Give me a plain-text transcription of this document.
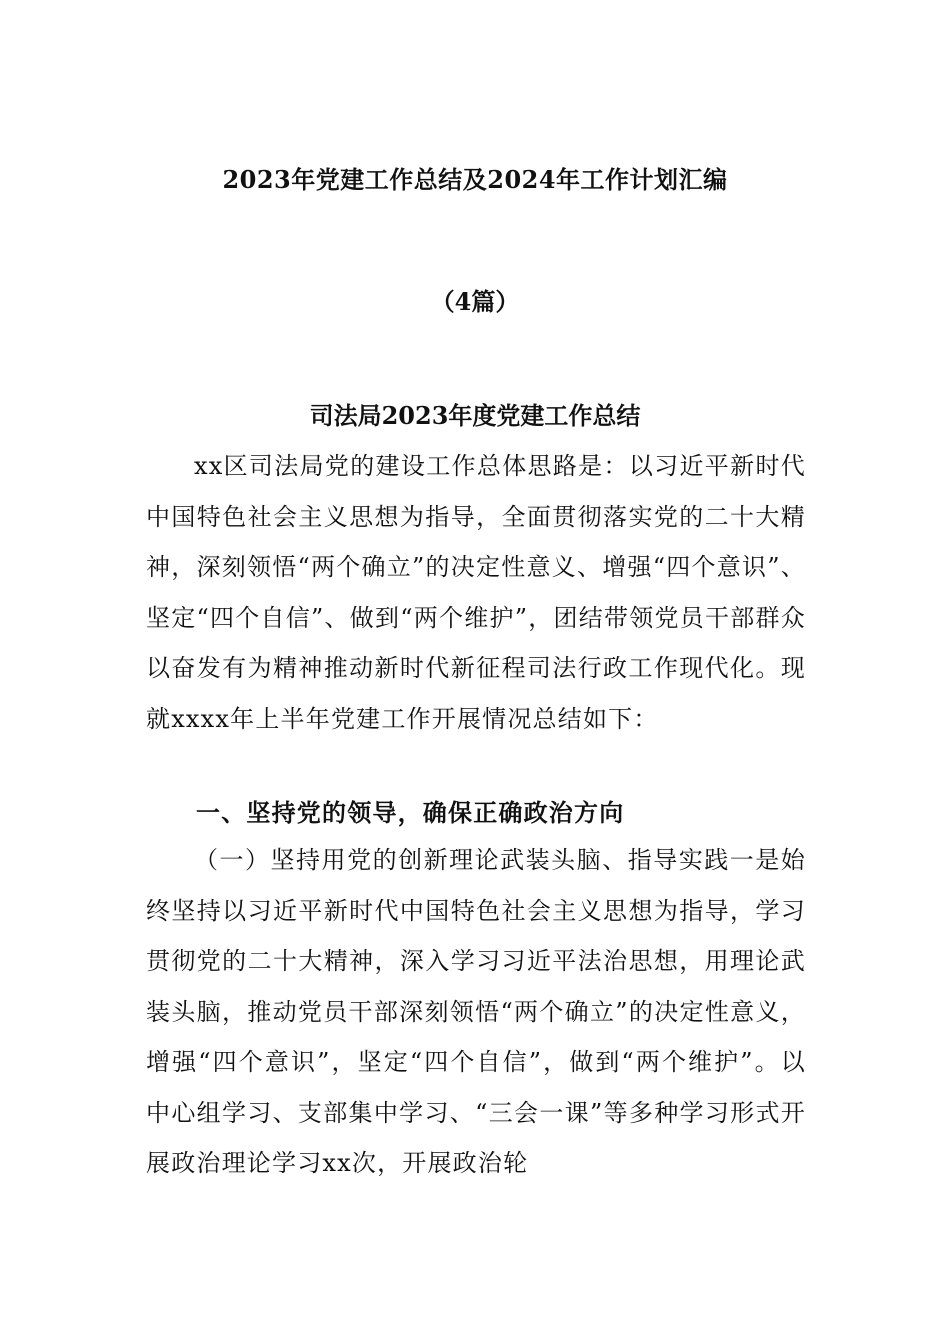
2023年党建工作总结及2024年工作计划汇编
（4篇）
司法局2023年度党建工作总结
xx区司法局党的建设工作总体思路是：以习近平新时代中国特色社会主义思想为指导，全面贯彻落实党的二十大精神，深刻领悟“两个确立”的决定性意义、增强“四个意识”、坚定“四个自信”、做到“两个维护”，团结带领党员干部群众以奋发有为精神推动新时代新征程司法行政工作现代化。现就xxxx年上半年党建工作开展情况总结如下：
一、坚持党的领导，确保正确政治方向
（一）坚持用党的创新理论武装头脑、指导实践一是始终坚持以习近平新时代中国特色社会主义思想为指导，学习贯彻党的二十大精神，深入学习习近平法治思想，用理论武装头脑，推动党员干部深刻领悟“两个确立”的决定性意义，增强“四个意识”，坚定“四个自信”，做到“两个维护”。以中心组学习、支部集中学习、“三会一课”等多种学习形式开展政治理论学习xx次，开展政治轮
